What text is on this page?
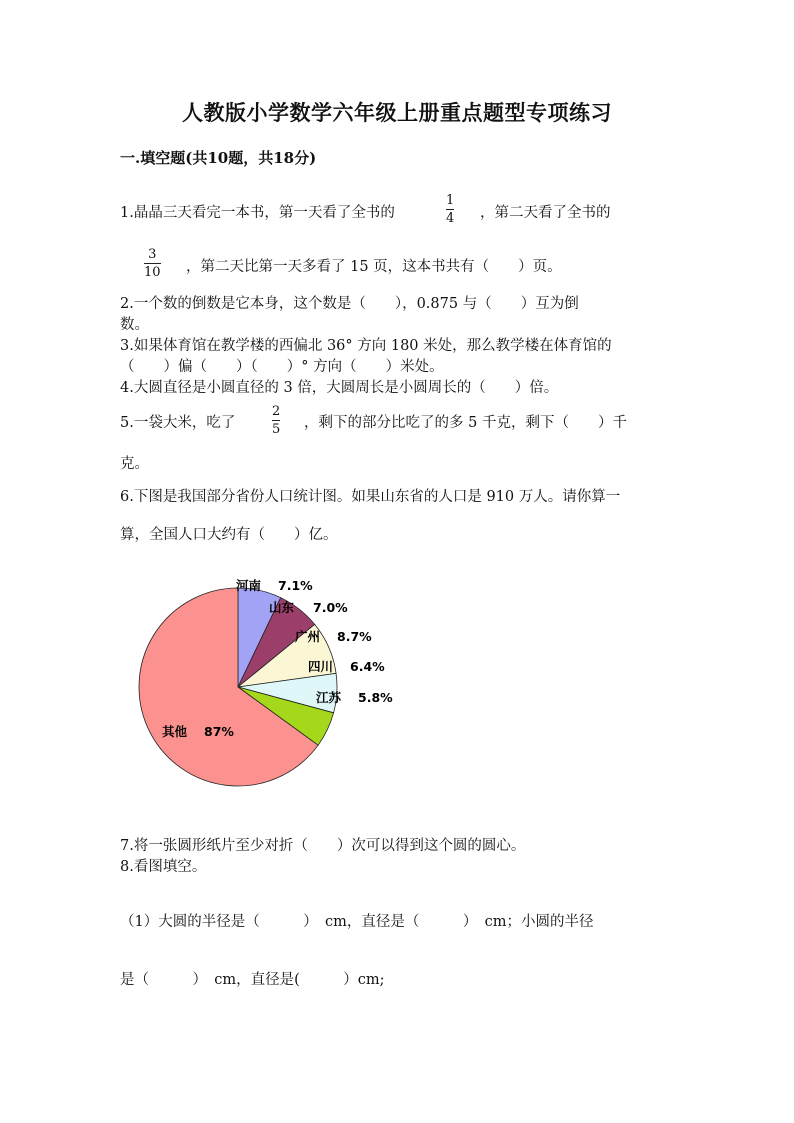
人教版小学数学六年级上册重点题型专项练习
一.填空题(共10题，共18分)
1.晶晶三天看完一本书，第一天看了全书的
1
4 ，第二天看了全书的
3
10 ，第二天比第一天多看了 15 页，这本书共有（　　）页。
2.一个数的倒数是它本身，这个数是（　　），0.875 与（　　）互为倒
数。
3.如果体育馆在教学楼的西偏北 36° 方向 180 米处，那么教学楼在体育馆的
（　　）偏（　　）（　　）° 方向（　　）米处。
4.大圆直径是小圆直径的 3 倍，大圆周长是小圆周长的（　　）倍。
5.一袋大米，吃了
2
5 ，剩下的部分比吃了的多 5 千克，剩下（　　）千
克。
6.下图是我国部分省份人口统计图。如果山东省的人口是 910 万人。请你算一
算，全国人口大约有（　　）亿。
河南 7.1%
山东 7.0%
广州 8.7%
四川 6.4%
江苏 5.8%
其他 87%
7.将一张圆形纸片至少对折（　　）次可以得到这个圆的圆心。
8.看图填空。
（1）大圆的半径是（　　　）　cm，直径是（　　　）　cm；小圆的半径
是（　　　）　cm，直径是(　　　）cm;
